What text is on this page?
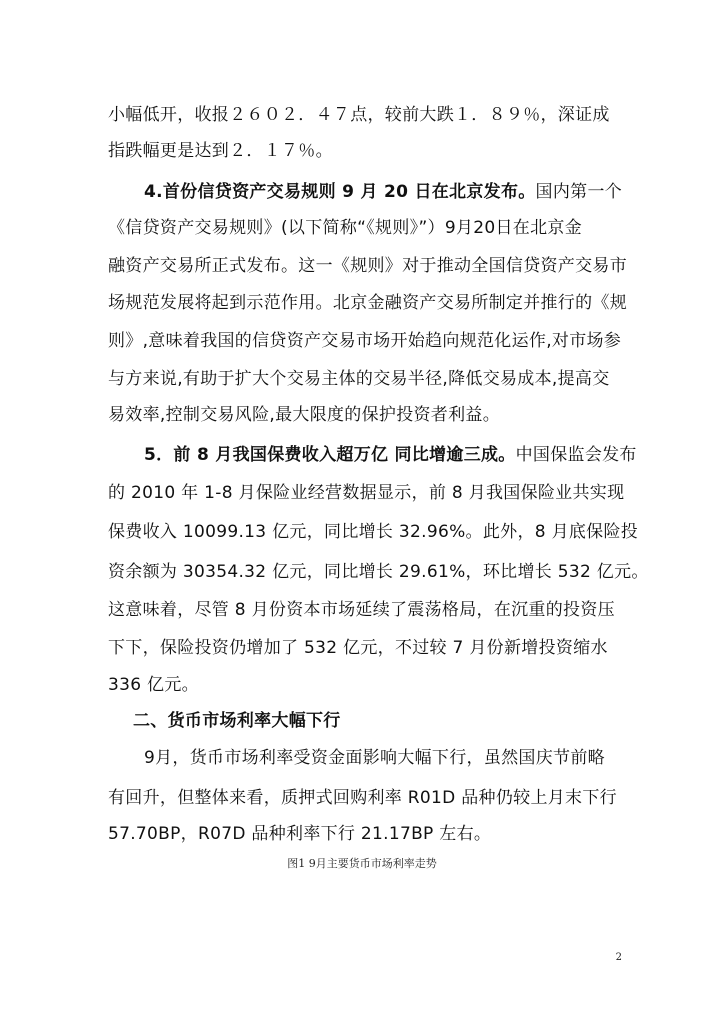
小幅低开，收报２６０２．４７点，较前大跌１．８９％，深证成
指跌幅更是达到２．１７％。
4.首份信贷资产交易规则 9 月 20 日在北京发布。国内第一个
《信贷资产交易规则》(以下简称“《规则》”）9月20日在北京金
融资产交易所正式发布。这一《规则》对于推动全国信贷资产交易市
场规范发展将起到示范作用。北京金融资产交易所制定并推行的《规
则》,意味着我国的信贷资产交易市场开始趋向规范化运作,对市场参
与方来说,有助于扩大个交易主体的交易半径,降低交易成本,提高交
易效率,控制交易风险,最大限度的保护投资者利益。
5．前 8 月我国保费收入超万亿 同比增逾三成。中国保监会发布
的 2010 年 1-8 月保险业经营数据显示，前 8 月我国保险业共实现
保费收入 10099.13 亿元，同比增长 32.96%。此外，8 月底保险投
资余额为 30354.32 亿元，同比增长 29.61%，环比增长 532 亿元。
这意味着，尽管 8 月份资本市场延续了震荡格局，在沉重的投资压
下下，保险投资仍增加了 532 亿元，不过较 7 月份新增投资缩水
336 亿元。
二、货币市场利率大幅下行
9月，货币市场利率受资金面影响大幅下行，虽然国庆节前略
有回升，但整体来看，质押式回购利率 R01D 品种仍较上月末下行
57.70BP，R07D 品种利率下行 21.17BP 左右。
图1 9月主要货币市场利率走势
2
